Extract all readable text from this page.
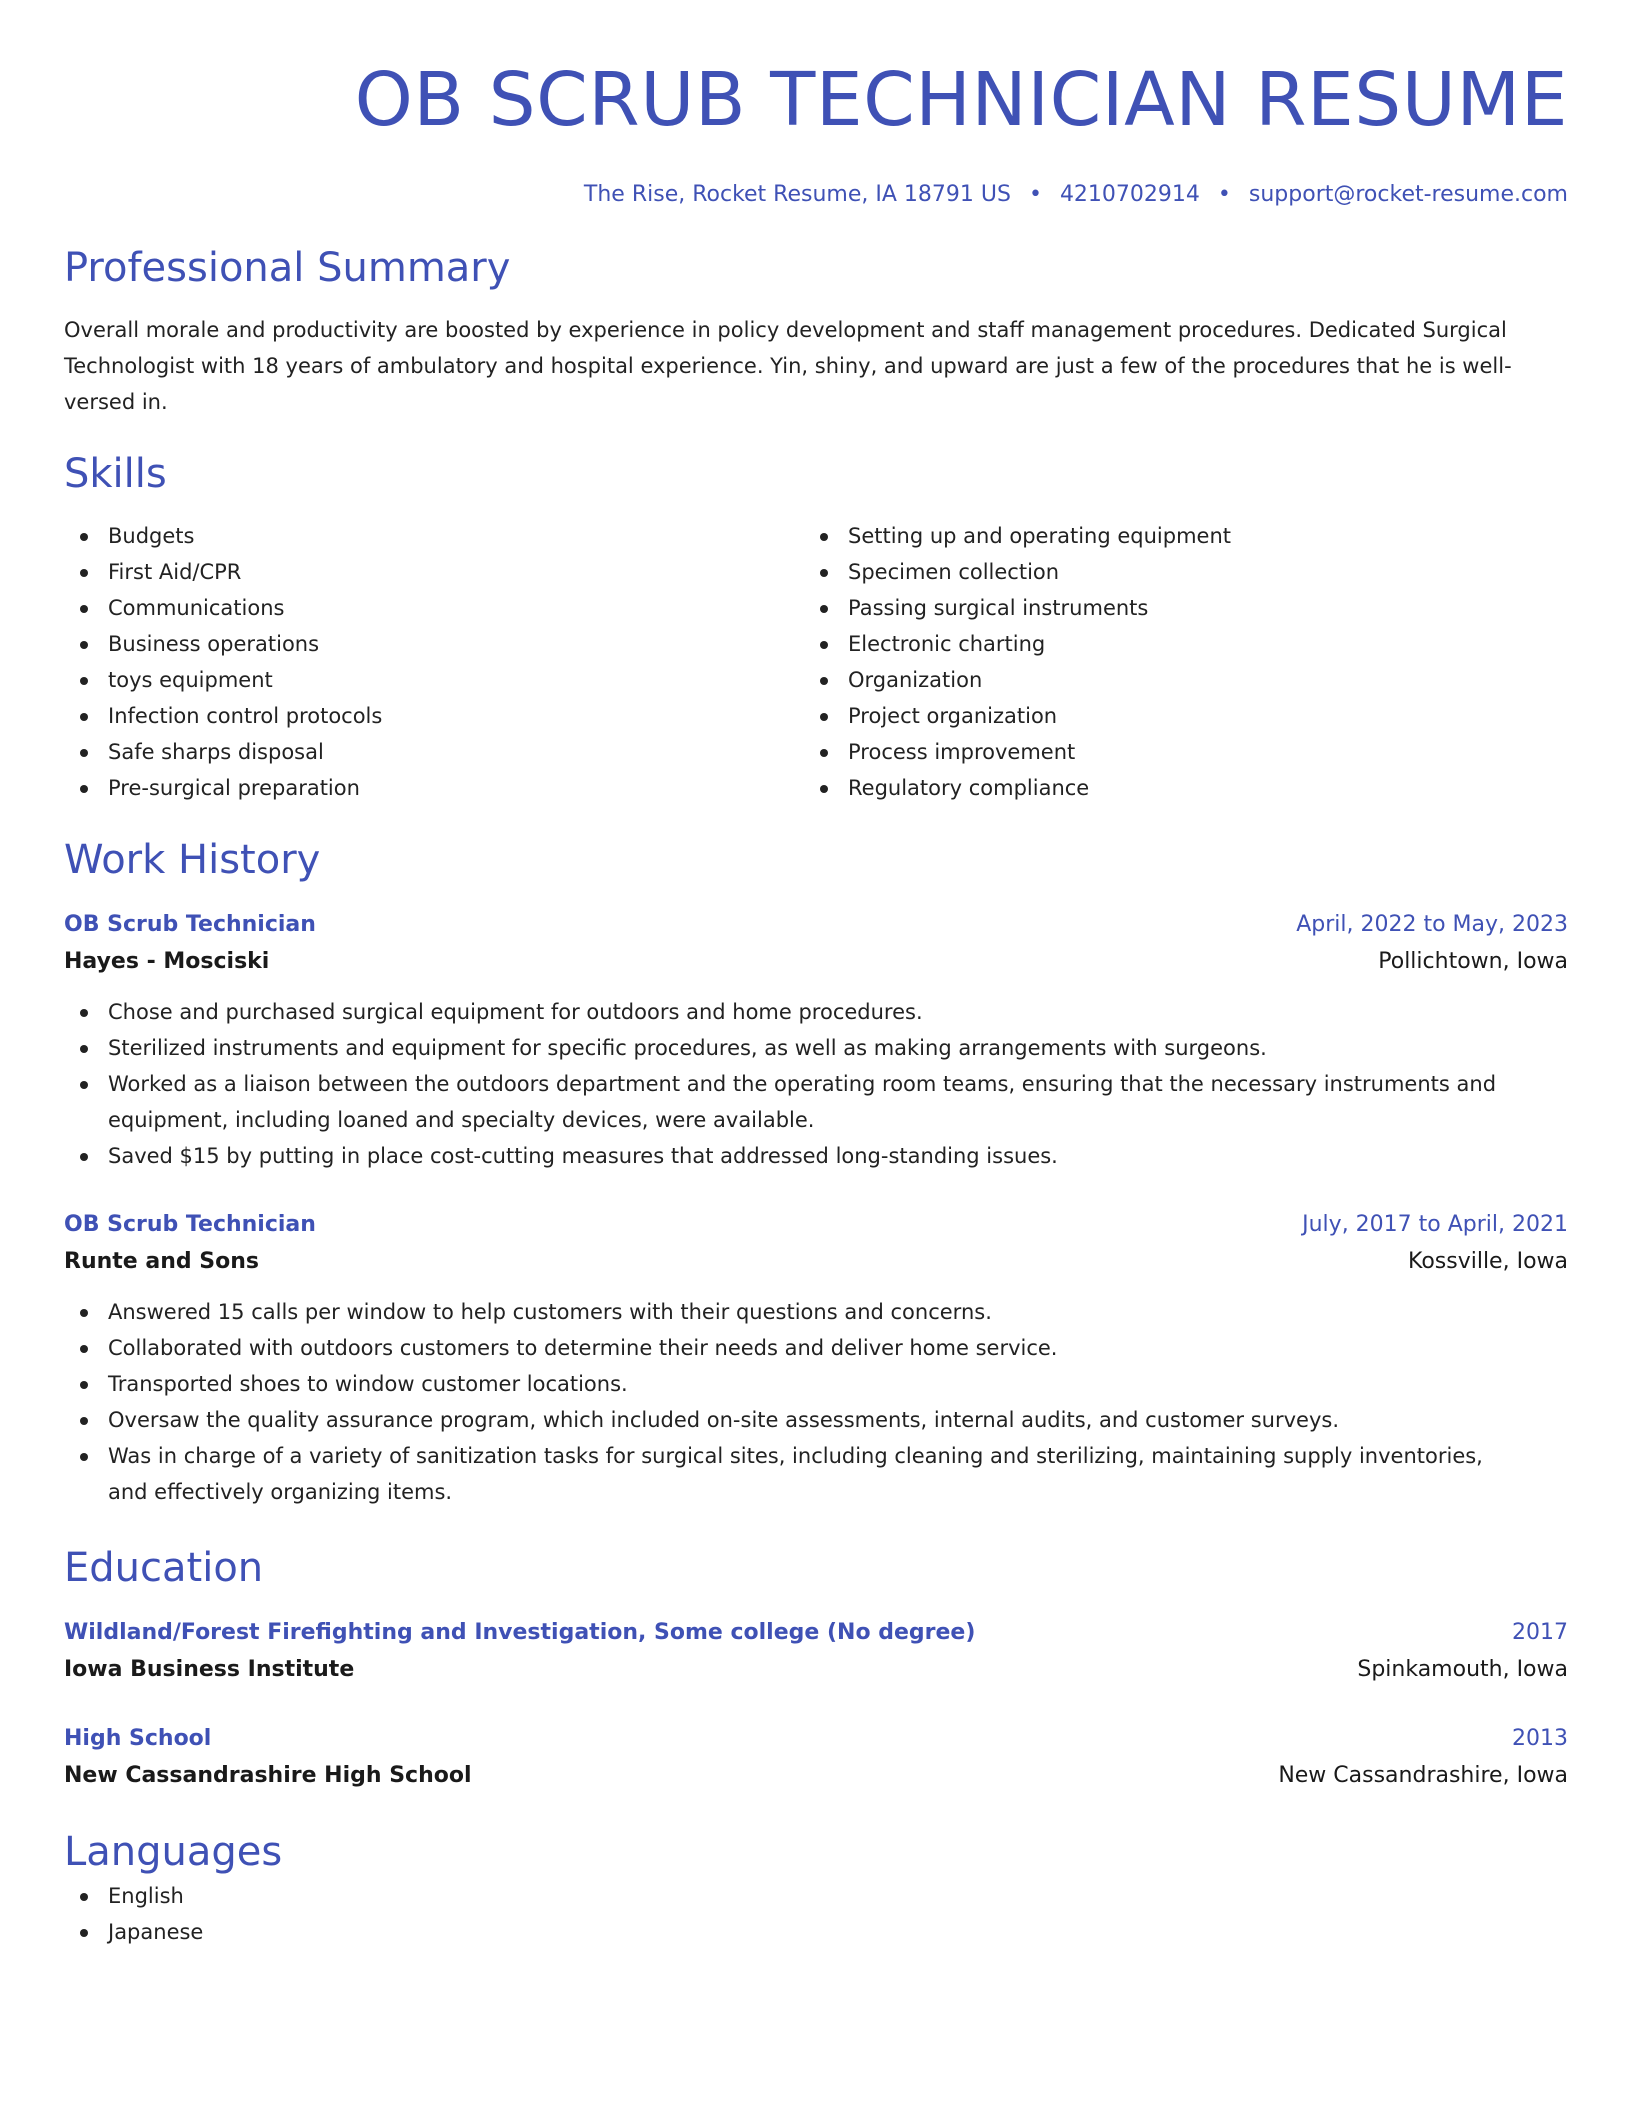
OB SCRUB TECHNICIAN RESUME
The Rise, Rocket Resume, IA 18791 US • 4210702914 • support@rocket-resume.com
Professional Summary
Overall morale and productivity are boosted by experience in policy development and staff management procedures. Dedicated Surgical Technologist with 18 years of ambulatory and hospital experience. Yin, shiny, and upward are just a few of the procedures that he is well-versed in.
Skills
Budgets
First Aid/CPR
Communications
Business operations
toys equipment
Infection control protocols
Safe sharps disposal
Pre-surgical preparation
Setting up and operating equipment
Specimen collection
Passing surgical instruments
Electronic charting
Organization
Project organization
Process improvement
Regulatory compliance
Work History
OB Scrub Technician	April, 2022 to May, 2023
Hayes - Mosciski	Pollichtown, Iowa
Chose and purchased surgical equipment for outdoors and home procedures.
Sterilized instruments and equipment for specific procedures, as well as making arrangements with surgeons.
Worked as a liaison between the outdoors department and the operating room teams, ensuring that the necessary instruments and equipment, including loaned and specialty devices, were available.
Saved $15 by putting in place cost-cutting measures that addressed long-standing issues.
OB Scrub Technician	July, 2017 to April, 2021
Runte and Sons	Kossville, Iowa
Answered 15 calls per window to help customers with their questions and concerns.
Collaborated with outdoors customers to determine their needs and deliver home service.
Transported shoes to window customer locations.
Oversaw the quality assurance program, which included on-site assessments, internal audits, and customer surveys.
Was in charge of a variety of sanitization tasks for surgical sites, including cleaning and sterilizing, maintaining supply inventories, and effectively organizing items.
Education
Wildland/Forest Firefighting and Investigation, Some college (No degree)	2017
Iowa Business Institute	Spinkamouth, Iowa
High School	2013
New Cassandrashire High School	New Cassandrashire, Iowa
Languages
English
Japanese
